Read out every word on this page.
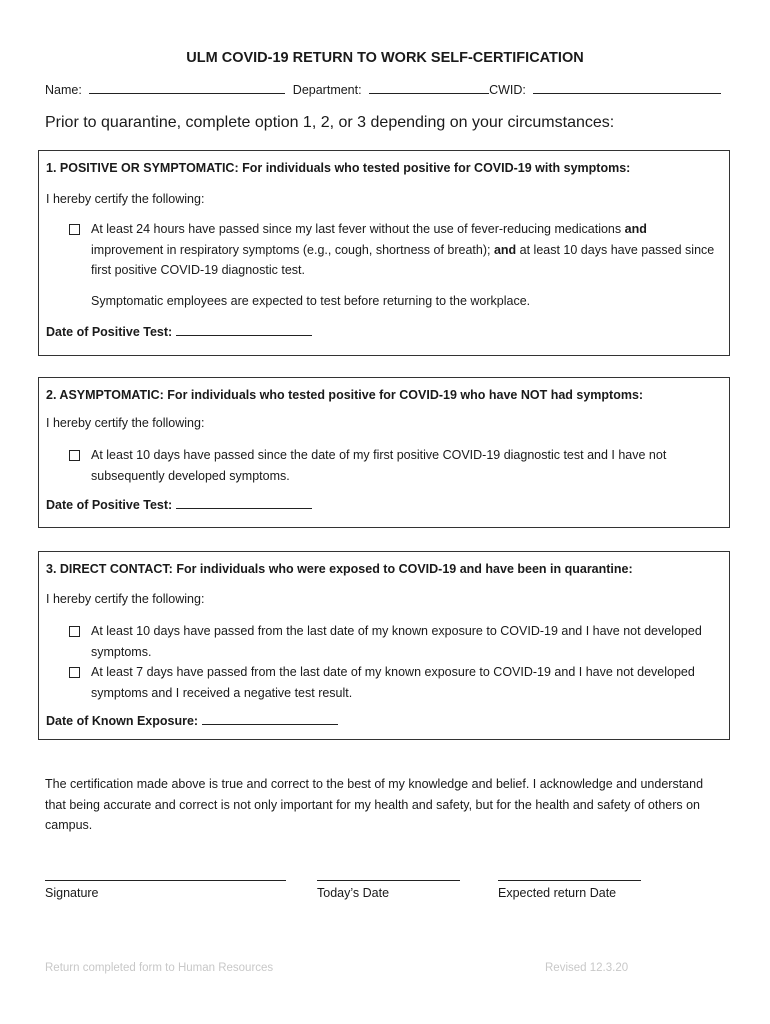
ULM COVID-19 RETURN TO WORK SELF-CERTIFICATION
Name:	Department:	CWID:
Prior to quarantine, complete option 1, 2, or 3 depending on your circumstances:
1. POSITIVE OR SYMPTOMATIC: For individuals who tested positive for COVID-19 with symptoms:
I hereby certify the following:
At least 24 hours have passed since my last fever without the use of fever-reducing medications and improvement in respiratory symptoms (e.g., cough, shortness of breath); and at least 10 days have passed since first positive COVID-19 diagnostic test.
Symptomatic employees are expected to test before returning to the workplace.
Date of Positive Test:
2. ASYMPTOMATIC: For individuals who tested positive for COVID-19 who have NOT had symptoms:
I hereby certify the following:
At least 10 days have passed since the date of my first positive COVID-19 diagnostic test and I have not subsequently developed symptoms.
Date of Positive Test:
3. DIRECT CONTACT: For individuals who were exposed to COVID-19 and have been in quarantine:
I hereby certify the following:
At least 10 days have passed from the last date of my known exposure to COVID-19 and I have not developed symptoms.
At least 7 days have passed from the last date of my known exposure to COVID-19 and I have not developed symptoms and I received a negative test result.
Date of Known Exposure:
The certification made above is true and correct to the best of my knowledge and belief. I acknowledge and understand that being accurate and correct is not only important for my health and safety, but for the health and safety of others on campus.
Signature	Today’s Date	Expected return Date
Return completed form to Human Resources	Revised 12.3.20
